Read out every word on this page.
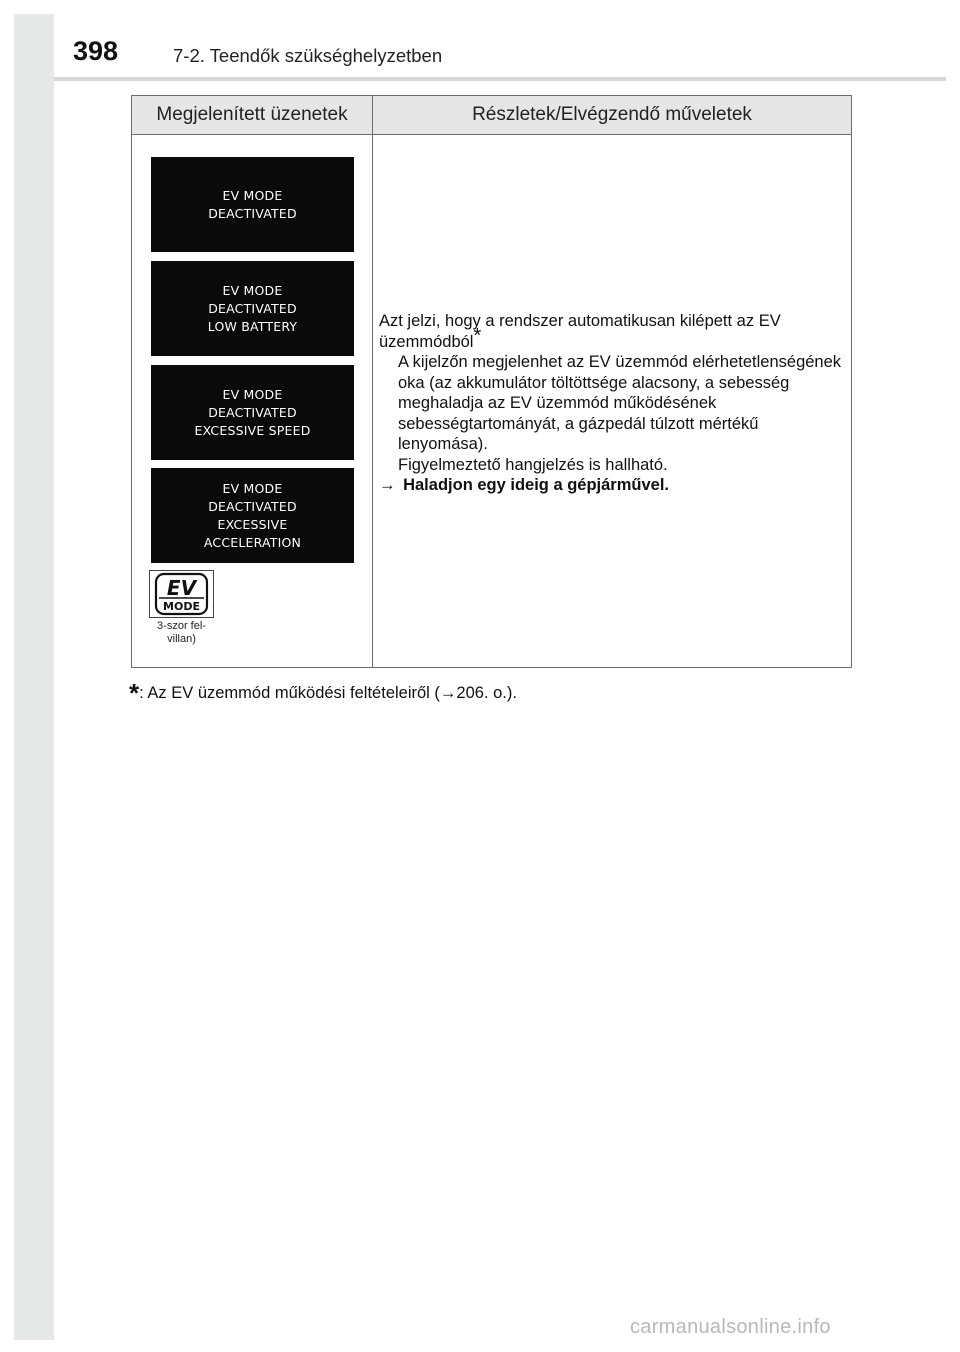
398	7-2. Teendők szükséghelyzetben
Megjelenített üzenetek	Részletek/Elvégzendő műveletek
EV MODE
DEACTIVATED
EV MODE
DEACTIVATED
LOW BATTERY
EV MODE
DEACTIVATED
EXCESSIVE SPEED
EV MODE
DEACTIVATED
EXCESSIVE
ACCELERATION
EV
MODE
3-szor fel-
villan)

Azt jelzi, hogy a rendszer automatikusan kilépett az EV üzemmódból*

A kijelzőn megjelenhet az EV üzemmód elérhetetlenségének oka (az akkumulátor töltöttsége alacsony, a sebesség meghaladja az EV üzemmód működésének sebességtartományát, a gázpedál túlzott mértékű lenyomása).

Figyelmeztető hangjelzés is hallható.

→ Haladjon egy ideig a gépjárművel.

*: Az EV üzemmód működési feltételeiről (→206. o.).
carmanualsonline.info
